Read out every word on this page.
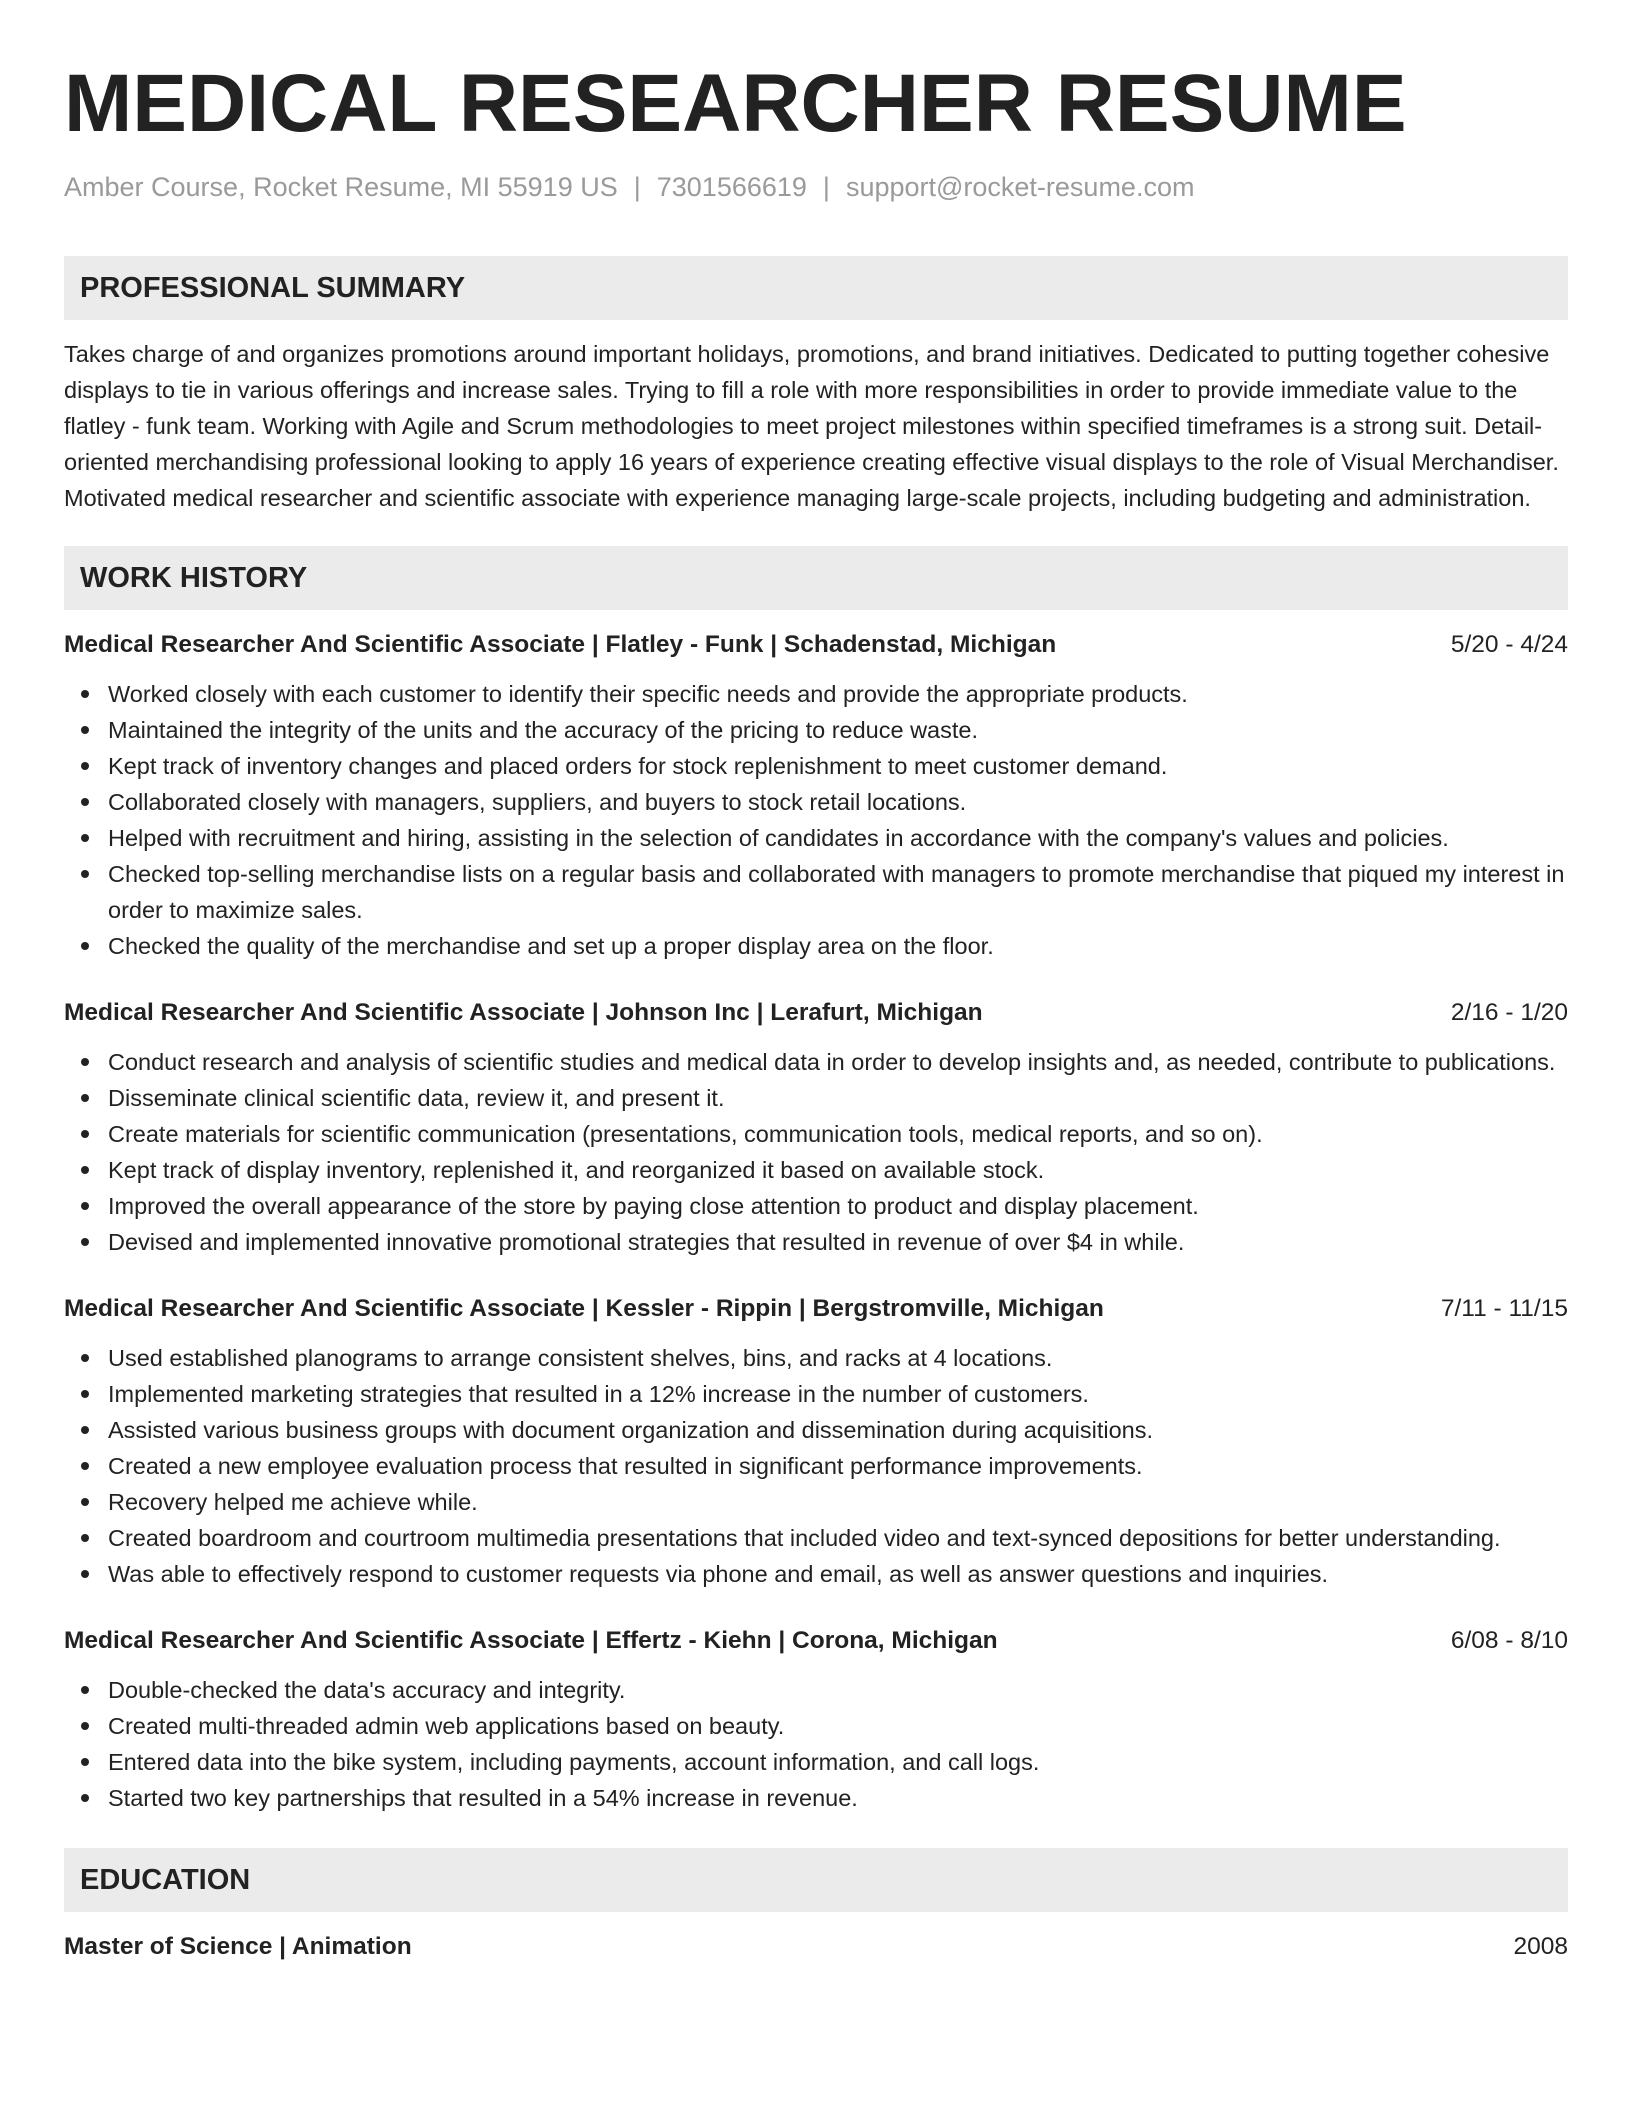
MEDICAL RESEARCHER RESUME
Amber Course, Rocket Resume, MI 55919 US | 7301566619 | support@rocket-resume.com
PROFESSIONAL SUMMARY
Takes charge of and organizes promotions around important holidays, promotions, and brand initiatives. Dedicated to putting together cohesive displays to tie in various offerings and increase sales. Trying to fill a role with more responsibilities in order to provide immediate value to the flatley - funk team. Working with Agile and Scrum methodologies to meet project milestones within specified timeframes is a strong suit. Detail-oriented merchandising professional looking to apply 16 years of experience creating effective visual displays to the role of Visual Merchandiser. Motivated medical researcher and scientific associate with experience managing large-scale projects, including budgeting and administration.
WORK HISTORY
Medical Researcher And Scientific Associate | Flatley - Funk | Schadenstad, Michigan	5/20 - 4/24
Worked closely with each customer to identify their specific needs and provide the appropriate products.
Maintained the integrity of the units and the accuracy of the pricing to reduce waste.
Kept track of inventory changes and placed orders for stock replenishment to meet customer demand.
Collaborated closely with managers, suppliers, and buyers to stock retail locations.
Helped with recruitment and hiring, assisting in the selection of candidates in accordance with the company's values and policies.
Checked top-selling merchandise lists on a regular basis and collaborated with managers to promote merchandise that piqued my interest in order to maximize sales.
Checked the quality of the merchandise and set up a proper display area on the floor.
Medical Researcher And Scientific Associate | Johnson Inc | Lerafurt, Michigan	2/16 - 1/20
Conduct research and analysis of scientific studies and medical data in order to develop insights and, as needed, contribute to publications.
Disseminate clinical scientific data, review it, and present it.
Create materials for scientific communication (presentations, communication tools, medical reports, and so on).
Kept track of display inventory, replenished it, and reorganized it based on available stock.
Improved the overall appearance of the store by paying close attention to product and display placement.
Devised and implemented innovative promotional strategies that resulted in revenue of over $4 in while.
Medical Researcher And Scientific Associate | Kessler - Rippin | Bergstromville, Michigan	7/11 - 11/15
Used established planograms to arrange consistent shelves, bins, and racks at 4 locations.
Implemented marketing strategies that resulted in a 12% increase in the number of customers.
Assisted various business groups with document organization and dissemination during acquisitions.
Created a new employee evaluation process that resulted in significant performance improvements.
Recovery helped me achieve while.
Created boardroom and courtroom multimedia presentations that included video and text-synced depositions for better understanding.
Was able to effectively respond to customer requests via phone and email, as well as answer questions and inquiries.
Medical Researcher And Scientific Associate | Effertz - Kiehn | Corona, Michigan	6/08 - 8/10
Double-checked the data's accuracy and integrity.
Created multi-threaded admin web applications based on beauty.
Entered data into the bike system, including payments, account information, and call logs.
Started two key partnerships that resulted in a 54% increase in revenue.
EDUCATION
Master of Science | Animation	2008
